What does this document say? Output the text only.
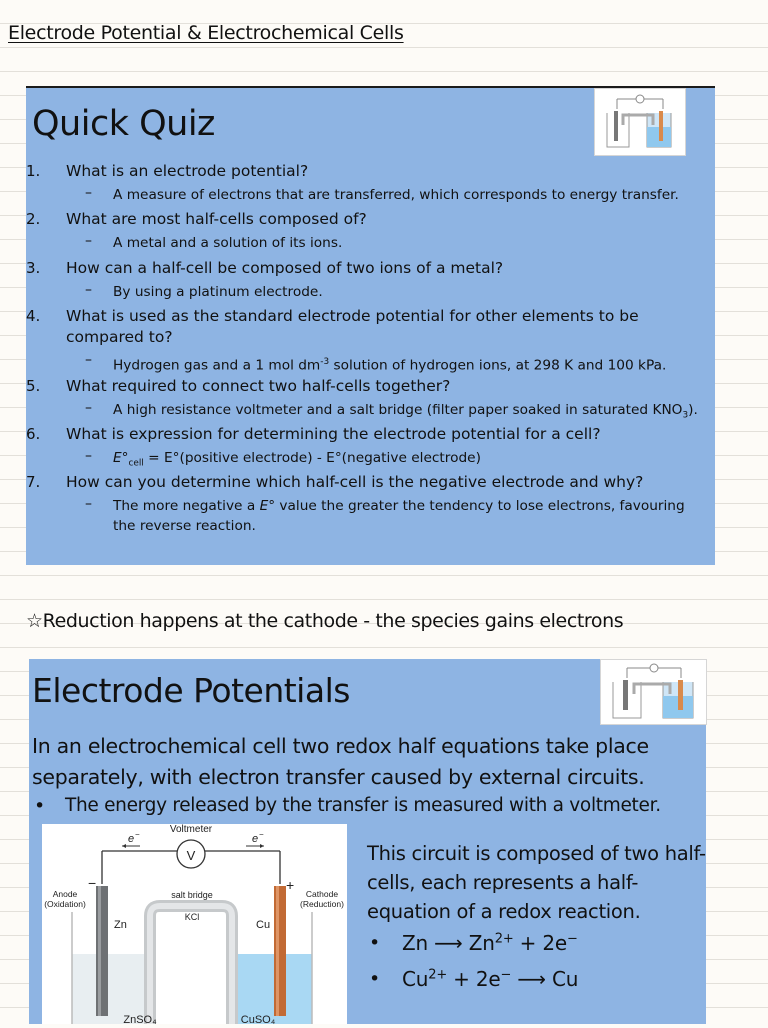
Electrode Potential & Electrochemical Cells
Quick Quiz
1. What is an electrode potential?
– A measure of electrons that are transferred, which corresponds to energy transfer.
2. What are most half-cells composed of?
– A metal and a solution of its ions.
3. How can a half-cell be composed of two ions of a metal?
– By using a platinum electrode.
4. What is used as the standard electrode potential for other elements to be
compared to?
– Hydrogen gas and a 1 mol $dm^{-3}$ solution of hydrogen ions, at 298 K and 100 kPa.
5. What required to connect two half-cells together?
– A high resistance voltmeter and a salt bridge (filter paper soaked in saturated $KNO_3$).
6. What is expression for determining the electrode potential for a cell?
– $E^\circ_{cell}$ = E°(positive electrode) - E°(negative electrode)
7. How can you determine which half-cell is the negative electrode and why?
– The more negative a E° value the greater the tendency to lose electrons, favouring
the reverse reaction.
☆Reduction happens at the cathode - the species gains electrons
Electrode Potentials
In an electrochemical cell two redox half equations take place
separately, with electron transfer caused by external circuits.
• The energy released by the transfer is measured with a voltmeter.
V
Voltmeter
e −	e −
−	+
Anode
(Oxidation)
Cathode
(Reduction)
salt bridge
KCl
Zn	Cu
ZnSO₄	CuSO₄
This circuit is composed of two half-cells, each represents a half-equation of a redox reaction.
• Zn ⟶ $Zn^{2+} + 2e^-$
• $Cu^{2+} + 2e^-$ ⟶ Cu
